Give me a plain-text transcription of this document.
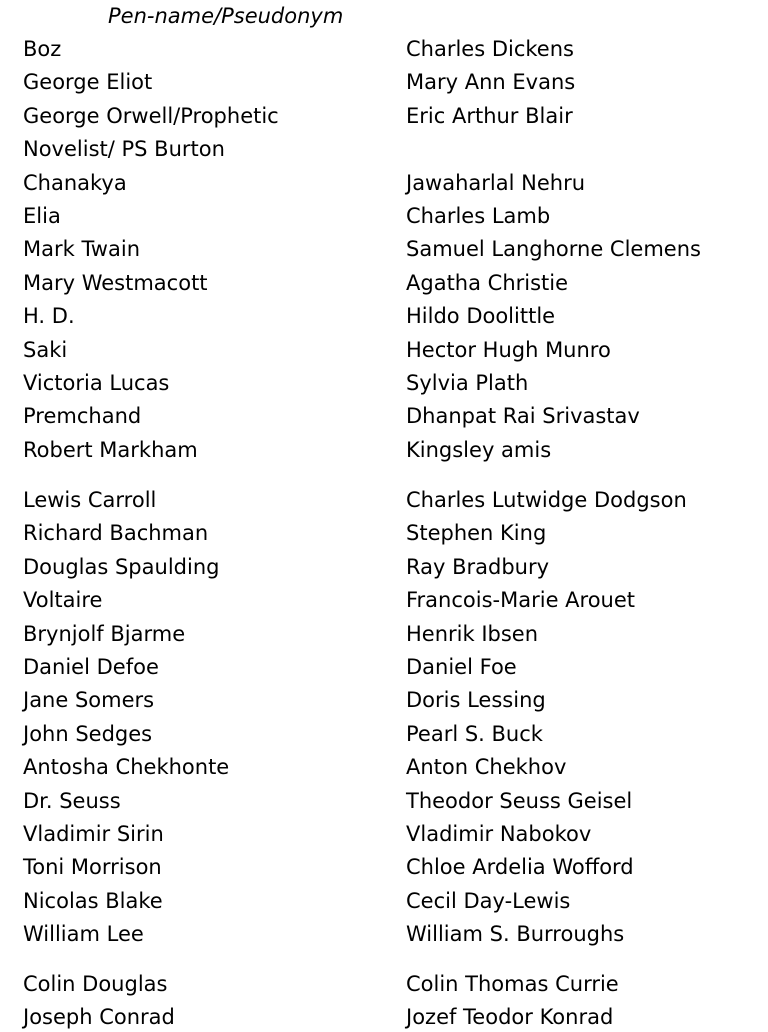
Pen-name/Pseudonym
Boz	Charles Dickens
George Eliot	Mary Ann Evans
George Orwell/Prophetic	Eric Arthur Blair
Novelist/ PS Burton
Chanakya	Jawaharlal Nehru
Elia	Charles Lamb
Mark Twain	Samuel Langhorne Clemens
Mary Westmacott	Agatha Christie
H. D.	Hildo Doolittle
Saki	Hector Hugh Munro
Victoria Lucas	Sylvia Plath
Premchand	Dhanpat Rai Srivastav
Robert Markham	Kingsley amis
Lewis Carroll	Charles Lutwidge Dodgson
Richard Bachman	Stephen King
Douglas Spaulding	Ray Bradbury
Voltaire	Francois-Marie Arouet
Brynjolf Bjarme	Henrik Ibsen
Daniel Defoe	Daniel Foe
Jane Somers	Doris Lessing
John Sedges	Pearl S. Buck
Antosha Chekhonte	Anton Chekhov
Dr. Seuss	Theodor Seuss Geisel
Vladimir Sirin	Vladimir Nabokov
Toni Morrison	Chloe Ardelia Wofford
Nicolas Blake	Cecil Day-Lewis
William Lee	William S. Burroughs
Colin Douglas	Colin Thomas Currie
Joseph Conrad	Jozef Teodor Konrad
